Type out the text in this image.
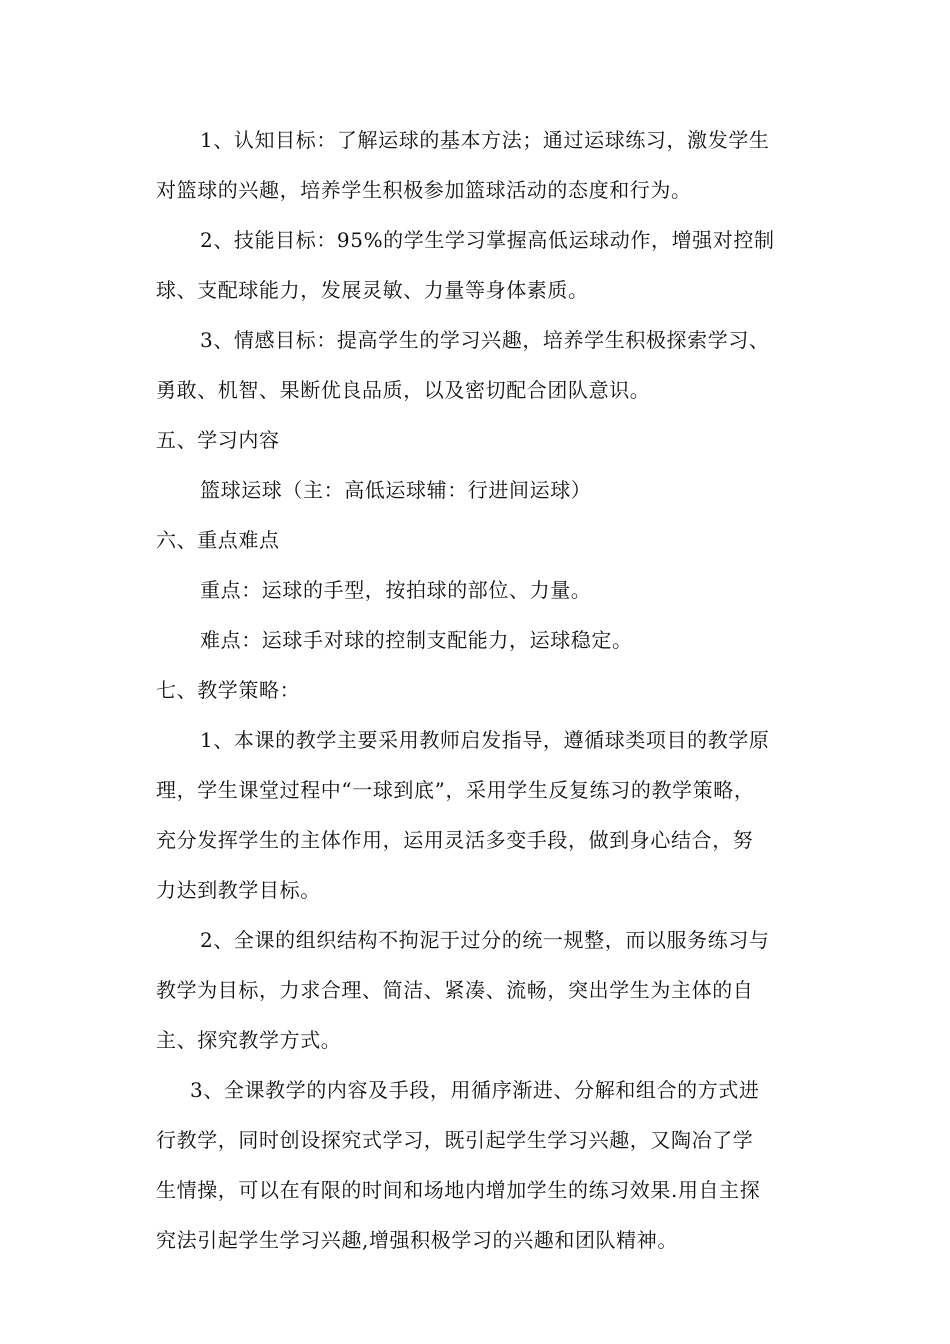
1、认知目标：了解运球的基本方法；通过运球练习，激发学生
对篮球的兴趣，培养学生积极参加篮球活动的态度和行为。
2、技能目标：95%的学生学习掌握高低运球动作，增强对控制
球、支配球能力，发展灵敏、力量等身体素质。
3、情感目标：提高学生的学习兴趣，培养学生积极探索学习、
勇敢、机智、果断优良品质，以及密切配合团队意识。
五、学习内容
篮球运球（主：高低运球辅：行进间运球）
六、重点难点
重点：运球的手型，按拍球的部位、力量。
难点：运球手对球的控制支配能力，运球稳定。
七、教学策略：
1、本课的教学主要采用教师启发指导，遵循球类项目的教学原
理，学生课堂过程中“一球到底”，采用学生反复练习的教学策略，
充分发挥学生的主体作用，运用灵活多变手段，做到身心结合，努
力达到教学目标。
2、全课的组织结构不拘泥于过分的统一规整，而以服务练习与
教学为目标，力求合理、简洁、紧凑、流畅，突出学生为主体的自
主、探究教学方式。
3、全课教学的内容及手段，用循序渐进、分解和组合的方式进
行教学，同时创设探究式学习，既引起学生学习兴趣，又陶冶了学
生情操，可以在有限的时间和场地内增加学生的练习效果.用自主探
究法引起学生学习兴趣,增强积极学习的兴趣和团队精神。
